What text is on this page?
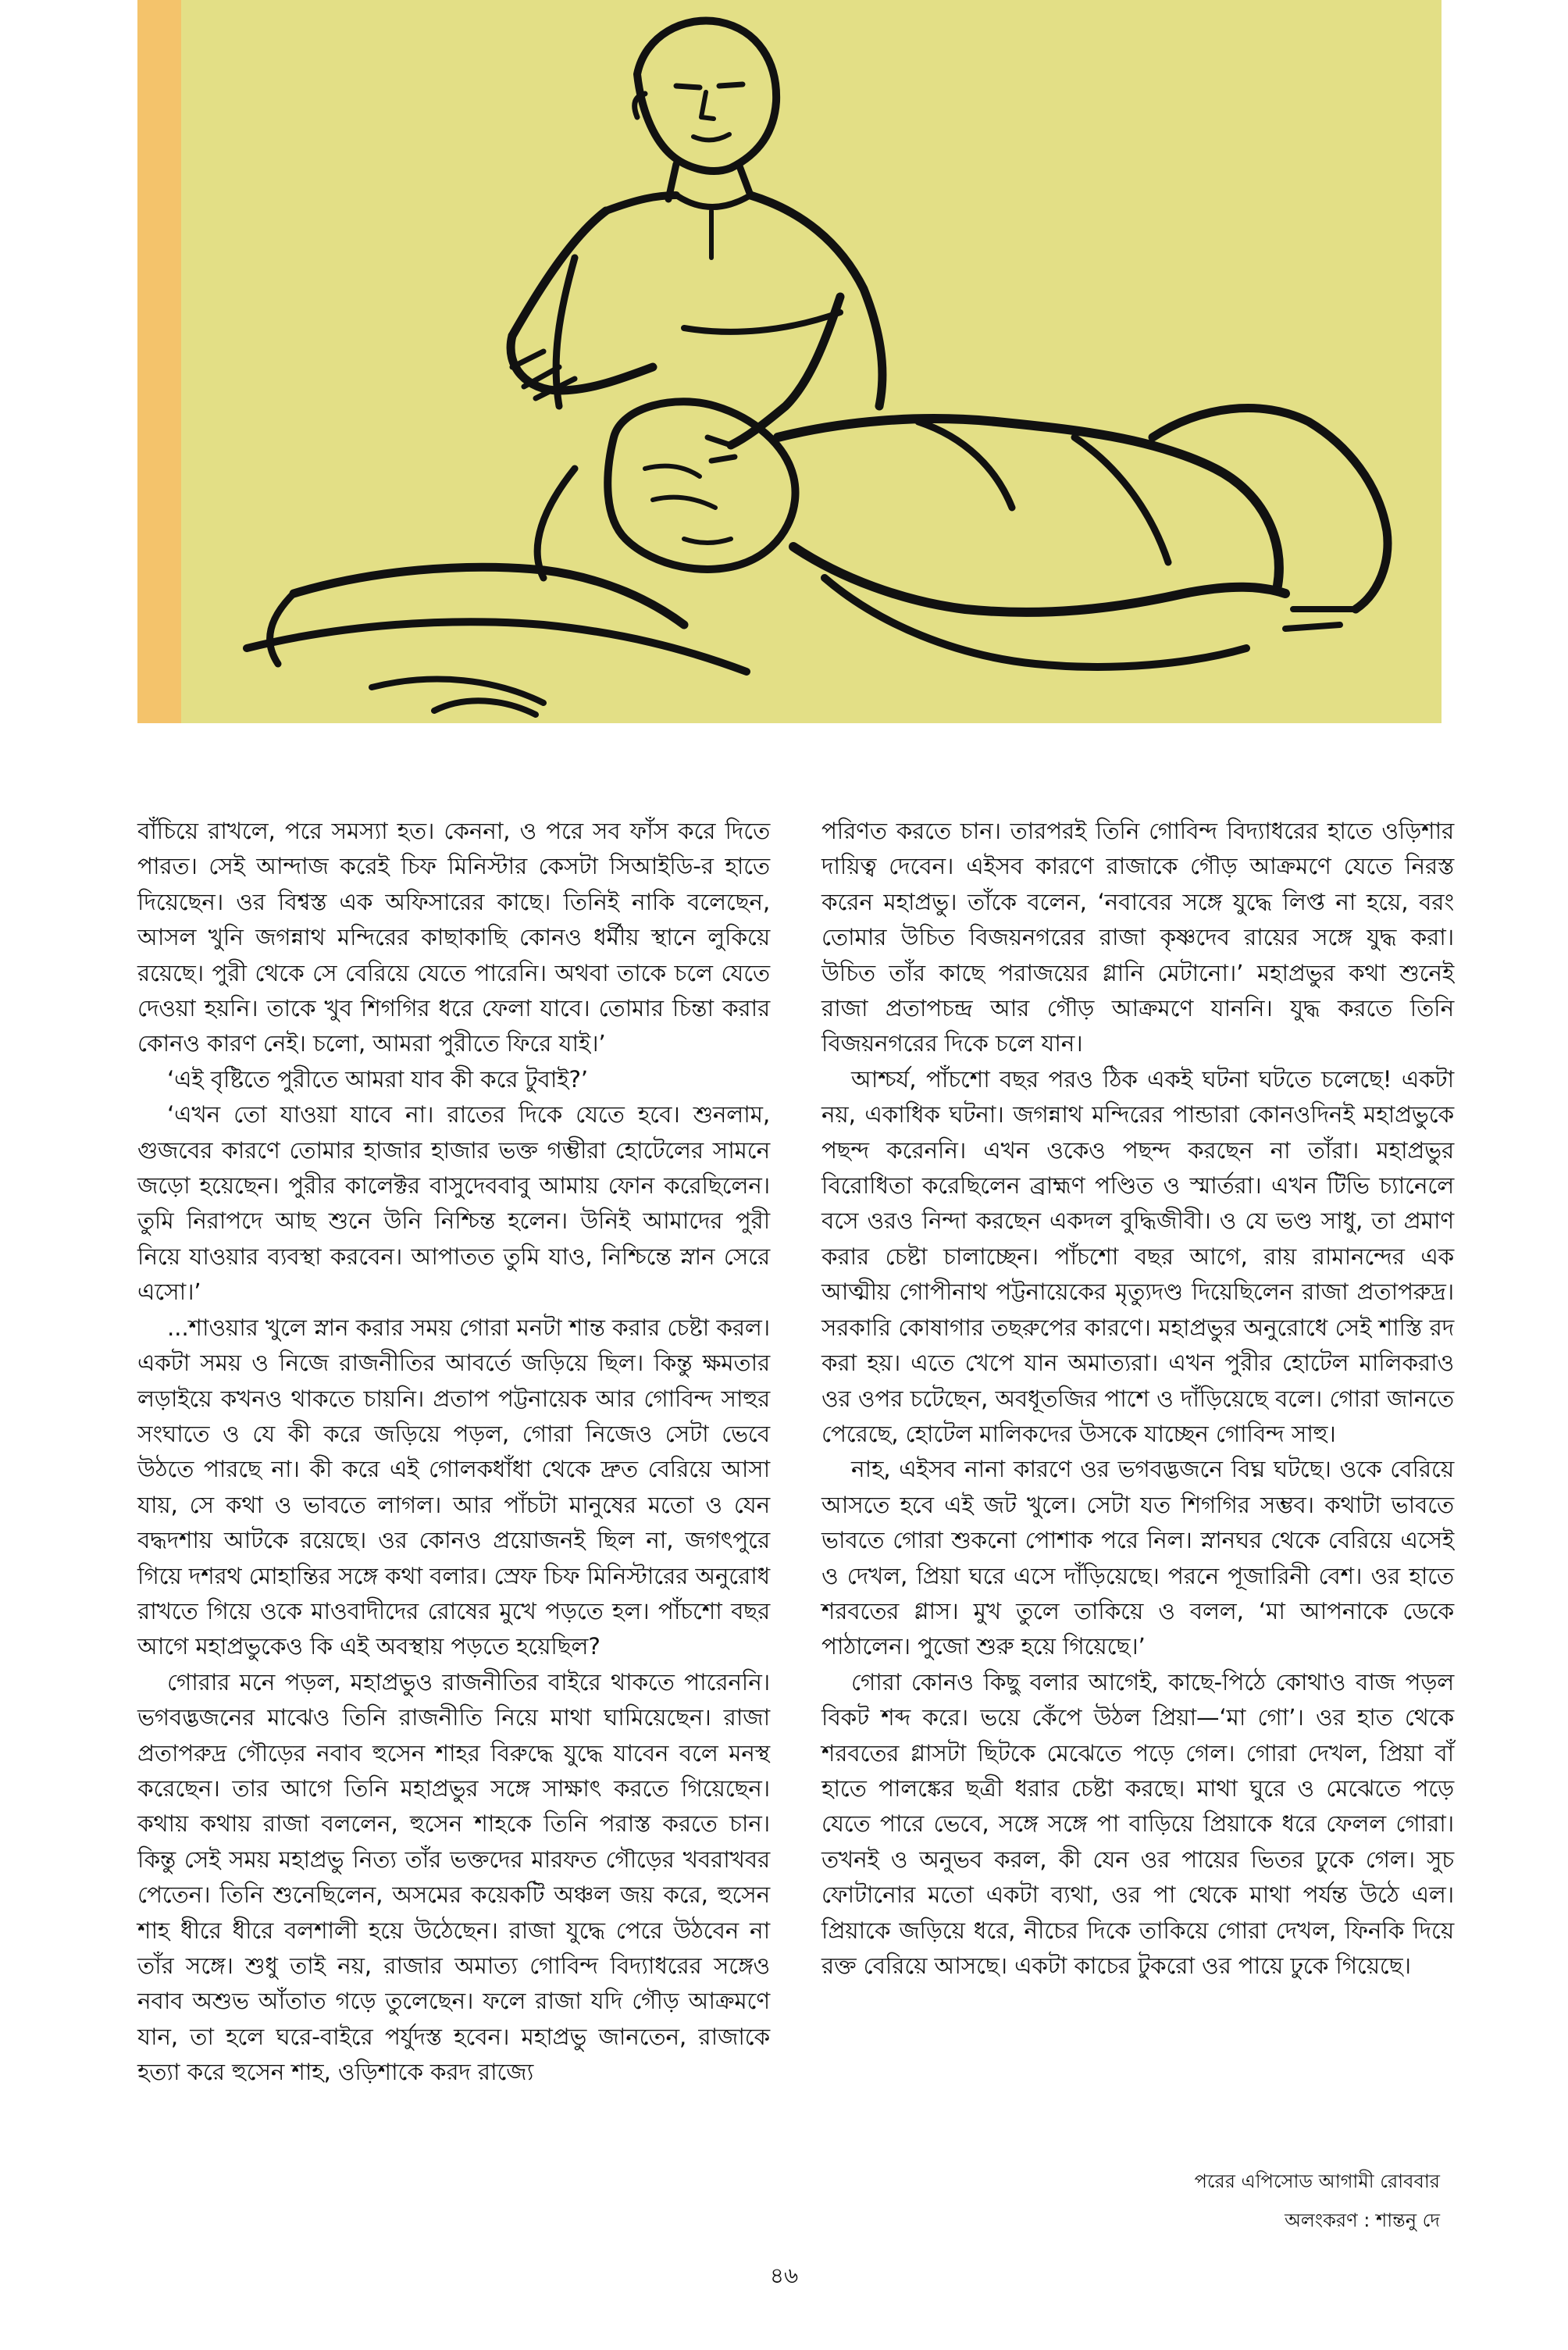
বাঁচিয়ে রাখলে, পরে সমস্যা হত। কেননা, ও পরে সব ফাঁস করে দিতে পারত। সেই আন্দাজ করেই চিফ মিনিস্টার কেসটা সিআইডি-র হাতে দিয়েছেন। ওর বিশ্বস্ত এক অফিসারের কাছে। তিনিই নাকি বলেছেন, আসল খুনি জগন্নাথ মন্দিরের কাছাকাছি কোনও ধর্মীয় স্থানে লুকিয়ে রয়েছে। পুরী থেকে সে বেরিয়ে যেতে পারেনি। অথবা তাকে চলে যেতে দেওয়া হয়নি। তাকে খুব শিগগির ধরে ফেলা যাবে। তোমার চিন্তা করার কোনও কারণ নেই। চলো, আমরা পুরীতে ফিরে যাই।’

‘এই বৃষ্টিতে পুরীতে আমরা যাব কী করে টুবাই?’

‘এখন তো যাওয়া যাবে না। রাতের দিকে যেতে হবে। শুনলাম, গুজবের কারণে তোমার হাজার হাজার ভক্ত গম্ভীরা হোটেলের সামনে জড়ো হয়েছেন। পুরীর কালেক্টর বাসুদেববাবু আমায় ফোন করেছিলেন। তুমি নিরাপদে আছ শুনে উনি নিশ্চিন্ত হলেন। উনিই আমাদের পুরী নিয়ে যাওয়ার ব্যবস্থা করবেন। আপাতত তুমি যাও, নিশ্চিন্তে স্নান সেরে এসো।’

...শাওয়ার খুলে স্নান করার সময় গোরা মনটা শান্ত করার চেষ্টা করল। একটা সময় ও নিজে রাজনীতির আবর্তে জড়িয়ে ছিল। কিন্তু ক্ষমতার লড়াইয়ে কখনও থাকতে চায়নি। প্রতাপ পট্টনায়েক আর গোবিন্দ সাহুর সংঘাতে ও যে কী করে জড়িয়ে পড়ল, গোরা নিজেও সেটা ভেবে উঠতে পারছে না। কী করে এই গোলকধাঁধা থেকে দ্রুত বেরিয়ে আসা যায়, সে কথা ও ভাবতে লাগল। আর পাঁচটা মানুষের মতো ও যেন বদ্ধদশায় আটকে রয়েছে। ওর কোনও প্রয়োজনই ছিল না, জগৎপুরে গিয়ে দশরথ মোহান্তির সঙ্গে কথা বলার। স্রেফ চিফ মিনিস্টারের অনুরোধ রাখতে গিয়ে ওকে মাওবাদীদের রোষের মুখে পড়তে হল। পাঁচশো বছর আগে মহাপ্রভুকেও কি এই অবস্থায় পড়তে হয়েছিল?

গোরার মনে পড়ল, মহাপ্রভুও রাজনীতির বাইরে থাকতে পারেননি। ভগবদ্ভজনের মাঝেও তিনি রাজনীতি নিয়ে মাথা ঘামিয়েছেন। রাজা প্রতাপরুদ্র গৌড়ের নবাব হুসেন শাহর বিরুদ্ধে যুদ্ধে যাবেন বলে মনস্থ করেছেন। তার আগে তিনি মহাপ্রভুর সঙ্গে সাক্ষাৎ করতে গিয়েছেন। কথায় কথায় রাজা বললেন, হুসেন শাহকে তিনি পরাস্ত করতে চান। কিন্তু সেই সময় মহাপ্রভু নিত্য তাঁর ভক্তদের মারফত গৌড়ের খবরাখবর পেতেন। তিনি শুনেছিলেন, অসমের কয়েকটি অঞ্চল জয় করে, হুসেন শাহ ধীরে ধীরে বলশালী হয়ে উঠেছেন। রাজা যুদ্ধে পেরে উঠবেন না তাঁর সঙ্গে। শুধু তাই নয়, রাজার অমাত্য গোবিন্দ বিদ্যাধরের সঙ্গেও নবাব অশুভ আঁতাত গড়ে তুলেছেন। ফলে রাজা যদি গৌড় আক্রমণে যান, তা হলে ঘরে-বাইরে পর্যুদস্ত হবেন। মহাপ্রভু জানতেন, রাজাকে হত্যা করে হুসেন শাহ, ওড়িশাকে করদ রাজ্যে

পরিণত করতে চান। তারপরই তিনি গোবিন্দ বিদ্যাধরের হাতে ওড়িশার দায়িত্ব দেবেন। এইসব কারণে রাজাকে গৌড় আক্রমণে যেতে নিরস্ত করেন মহাপ্রভু। তাঁকে বলেন, ‘নবাবের সঙ্গে যুদ্ধে লিপ্ত না হয়ে, বরং তোমার উচিত বিজয়নগরের রাজা কৃষ্ণদেব রায়ের সঙ্গে যুদ্ধ করা। উচিত তাঁর কাছে পরাজয়ের গ্লানি মেটানো।’ মহাপ্রভুর কথা শুনেই রাজা প্রতাপচন্দ্র আর গৌড় আক্রমণে যাননি। যুদ্ধ করতে তিনি বিজয়নগরের দিকে চলে যান।

আশ্চর্য, পাঁচশো বছর পরও ঠিক একই ঘটনা ঘটতে চলেছে! একটা নয়, একাধিক ঘটনা। জগন্নাথ মন্দিরের পান্ডারা কোনওদিনই মহাপ্রভুকে পছন্দ করেননি। এখন ওকেও পছন্দ করছেন না তাঁরা। মহাপ্রভুর বিরোধিতা করেছিলেন ব্রাহ্মণ পণ্ডিত ও স্মার্তরা। এখন টিভি চ্যানেলে বসে ওরও নিন্দা করছেন একদল বুদ্ধিজীবী। ও যে ভণ্ড সাধু, তা প্রমাণ করার চেষ্টা চালাচ্ছেন। পাঁচশো বছর আগে, রায় রামানন্দের এক আত্মীয় গোপীনাথ পট্টনায়েকের মৃত্যুদণ্ড দিয়েছিলেন রাজা প্রতাপরুদ্র। সরকারি কোষাগার তছরুপের কারণে। মহাপ্রভুর অনুরোধে সেই শাস্তি রদ করা হয়। এতে খেপে যান অমাত্যরা। এখন পুরীর হোটেল মালিকরাও ওর ওপর চটেছেন, অবধূতজির পাশে ও দাঁড়িয়েছে বলে। গোরা জানতে পেরেছে, হোটেল মালিকদের উসকে যাচ্ছেন গোবিন্দ সাহু।

নাহ, এইসব নানা কারণে ওর ভগবদ্ভজনে বিঘ্ন ঘটছে। ওকে বেরিয়ে আসতে হবে এই জট খুলে। সেটা যত শিগগির সম্ভব। কথাটা ভাবতে ভাবতে গোরা শুকনো পোশাক পরে নিল। স্নানঘর থেকে বেরিয়ে এসেই ও দেখল, প্রিয়া ঘরে এসে দাঁড়িয়েছে। পরনে পূজারিনী বেশ। ওর হাতে শরবতের গ্লাস। মুখ তুলে তাকিয়ে ও বলল, ‘মা আপনাকে ডেকে পাঠালেন। পুজো শুরু হয়ে গিয়েছে।’

গোরা কোনও কিছু বলার আগেই, কাছে-পিঠে কোথাও বাজ পড়ল বিকট শব্দ করে। ভয়ে কেঁপে উঠল প্রিয়া—‘মা গো’। ওর হাত থেকে শরবতের গ্লাসটা ছিটকে মেঝেতে পড়ে গেল। গোরা দেখল, প্রিয়া বাঁ হাতে পালঙ্কের ছত্রী ধরার চেষ্টা করছে। মাথা ঘুরে ও মেঝেতে পড়ে যেতে পারে ভেবে, সঙ্গে সঙ্গে পা বাড়িয়ে প্রিয়াকে ধরে ফেলল গোরা। তখনই ও অনুভব করল, কী যেন ওর পায়ের ভিতর ঢুকে গেল। সুচ ফোটানোর মতো একটা ব্যথা, ওর পা থেকে মাথা পর্যন্ত উঠে এল। প্রিয়াকে জড়িয়ে ধরে, নীচের দিকে তাকিয়ে গোরা দেখল, ফিনকি দিয়ে রক্ত বেরিয়ে আসছে। একটা কাচের টুকরো ওর পায়ে ঢুকে গিয়েছে।

পরের এপিসোড আগামী রোববার
অলংকরণ : শান্তনু দে
৪৬
